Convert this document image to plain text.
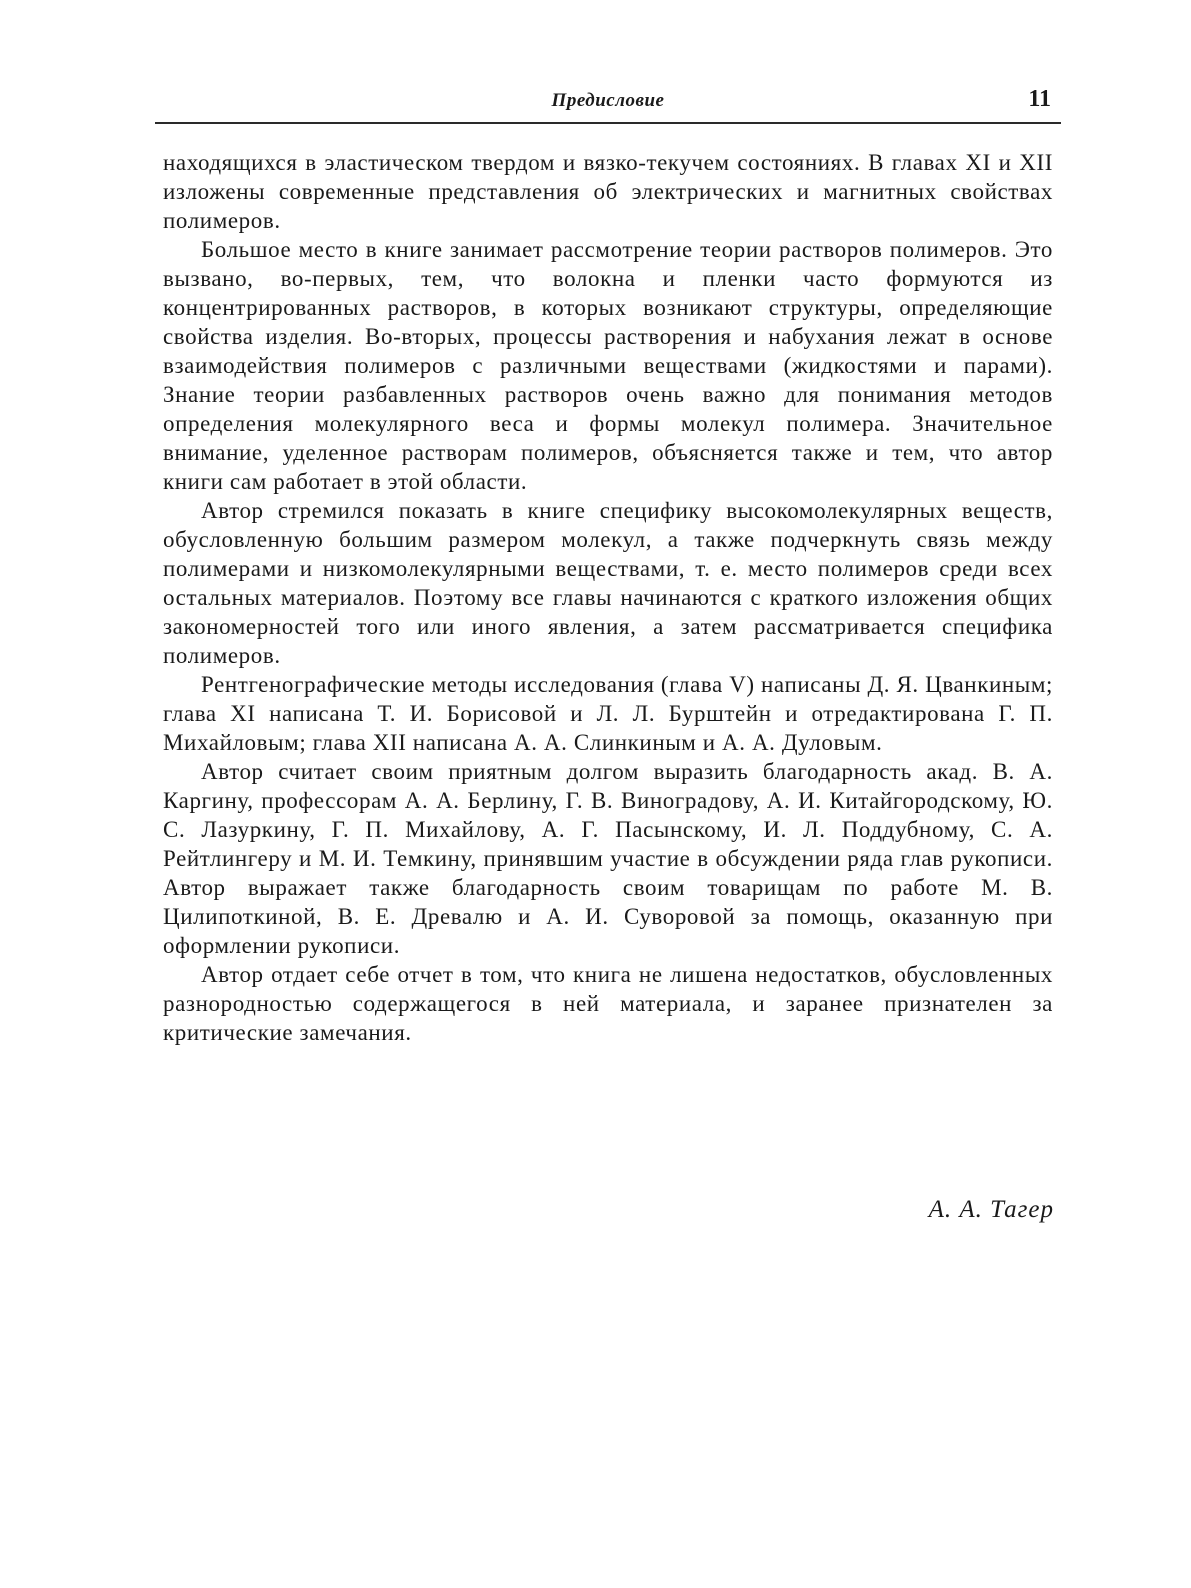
Предисловие	11

находящихся в эластическом твердом и вязко-текучем состояниях. В главах XI и XII изложены современные представления об электрических и магнитных свойствах полимеров.

Большое место в книге занимает рассмотрение теории растворов полимеров. Это вызвано, во-первых, тем, что волокна и пленки часто формуются из концентрированных растворов, в которых возникают структуры, определяющие свойства изделия. Во-вторых, процессы растворения и набухания лежат в основе взаимодействия полимеров с различными веществами (жидкостями и парами). Знание теории разбавленных растворов очень важно для понимания методов определения молекулярного веса и формы молекул полимера. Значительное внимание, уделенное растворам полимеров, объясняется также и тем, что автор книги сам работает в этой области.

Автор стремился показать в книге специфику высокомолекулярных веществ, обусловленную большим размером молекул, а также подчеркнуть связь между полимерами и низкомолекулярными веществами, т. е. место полимеров среди всех остальных материалов. Поэтому все главы начинаются с краткого изложения общих закономерностей того или иного явления, а затем рассматривается специфика полимеров.

Рентгенографические методы исследования (глава V) написаны Д. Я. Цванкиным; глава XI написана Т. И. Борисовой и Л. Л. Бурштейн и отредактирована Г. П. Михайловым; глава XII написана А. А. Слинкиным и А. А. Дуловым.

Автор считает своим приятным долгом выразить благодарность акад. В. А. Каргину, профессорам А. А. Берлину, Г. В. Виноградову, А. И. Китайгородскому, Ю. С. Лазуркину, Г. П. Михайлову, А. Г. Пасынскому, И. Л. Поддубному, С. А. Рейтлингеру и М. И. Темкину, принявшим участие в обсуждении ряда глав рукописи. Автор выражает также благодарность своим товарищам по работе М. В. Цилипоткиной, В. Е. Древалю и А. И. Суворовой за помощь, оказанную при оформлении рукописи.

Автор отдает себе отчет в том, что книга не лишена недостатков, обусловленных разнородностью содержащегося в ней материала, и заранее признателен за критические замечания.

А. А. Тагер
